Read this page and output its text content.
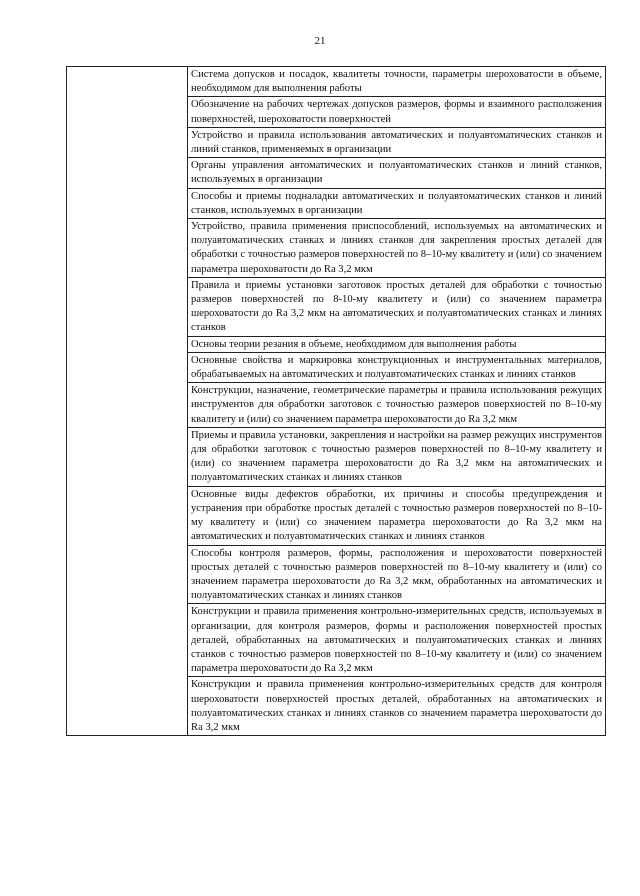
21
	Система допусков и посадок, квалитеты точности, параметры шероховатости в объеме, необходимом для выполнения работы
Обозначение на рабочих чертежах допусков размеров, формы и взаимного расположения поверхностей, шероховатости поверхностей
Устройство и правила использования автоматических и полуавтоматических станков и линий станков, применяемых в организации
Органы управления автоматических и полуавтоматических станков и линий станков, используемых в организации
Способы и приемы подналадки автоматических и полуавтоматических станков и линий станков, используемых в организации
Устройство, правила применения приспособлений, используемых на автоматических и полуавтоматических станках и линиях станков для закрепления простых деталей для обработки с точностью размеров поверхностей по 8–10-му квалитету и (или) со значением параметра шероховатости до Ra 3,2 мкм
Правила и приемы установки заготовок простых деталей для обработки с точностью размеров поверхностей по 8-10-му квалитету и (или) со значением параметра шероховатости до Ra 3,2 мкм на автоматических и полуавтоматических станках и линиях станков
Основы теории резания в объеме, необходимом для выполнения работы
Основные свойства и маркировка конструкционных и инструментальных материалов, обрабатываемых на автоматических и полуавтоматических станках и линиях станков
Конструкции, назначение, геометрические параметры и правила использования режущих инструментов для обработки заготовок с точностью размеров поверхностей по 8–10-му квалитету и (или) со значением параметра шероховатости до Ra 3,2 мкм
Приемы и правила установки, закрепления и настройки на размер режущих инструментов для обработки заготовок с точностью размеров поверхностей по 8–10-му квалитету и (или) со значением параметра шероховатости до Ra 3,2 мкм на автоматических и полуавтоматических станках и линиях станков
Основные виды дефектов обработки, их причины и способы предупреждения и устранения при обработке простых деталей с точностью размеров поверхностей по 8–10-му квалитету и (или) со значением параметра шероховатости до Ra 3,2 мкм на автоматических и полуавтоматических станках и линиях станков
Способы контроля размеров, формы, расположения и шероховатости поверхностей простых деталей с точностью размеров поверхностей по 8–10-му квалитету и (или) со значением параметра шероховатости до Ra 3,2 мкм, обработанных на автоматических и полуавтоматических станках и линиях станков
Конструкции и правила применения контрольно-измерительных средств, используемых в организации, для контроля размеров, формы и расположения поверхностей простых деталей, обработанных на автоматических и полуавтоматических станках и линиях станков с точностью размеров поверхностей по 8–10-му квалитету и (или) со значением параметра шероховатости до Ra 3,2 мкм
Конструкции и правила применения контрольно-измерительных средств для контроля шероховатости поверхностей простых деталей, обработанных на автоматических и полуавтоматических станках и линиях станков со значением параметра шероховатости до Ra 3,2 мкм
